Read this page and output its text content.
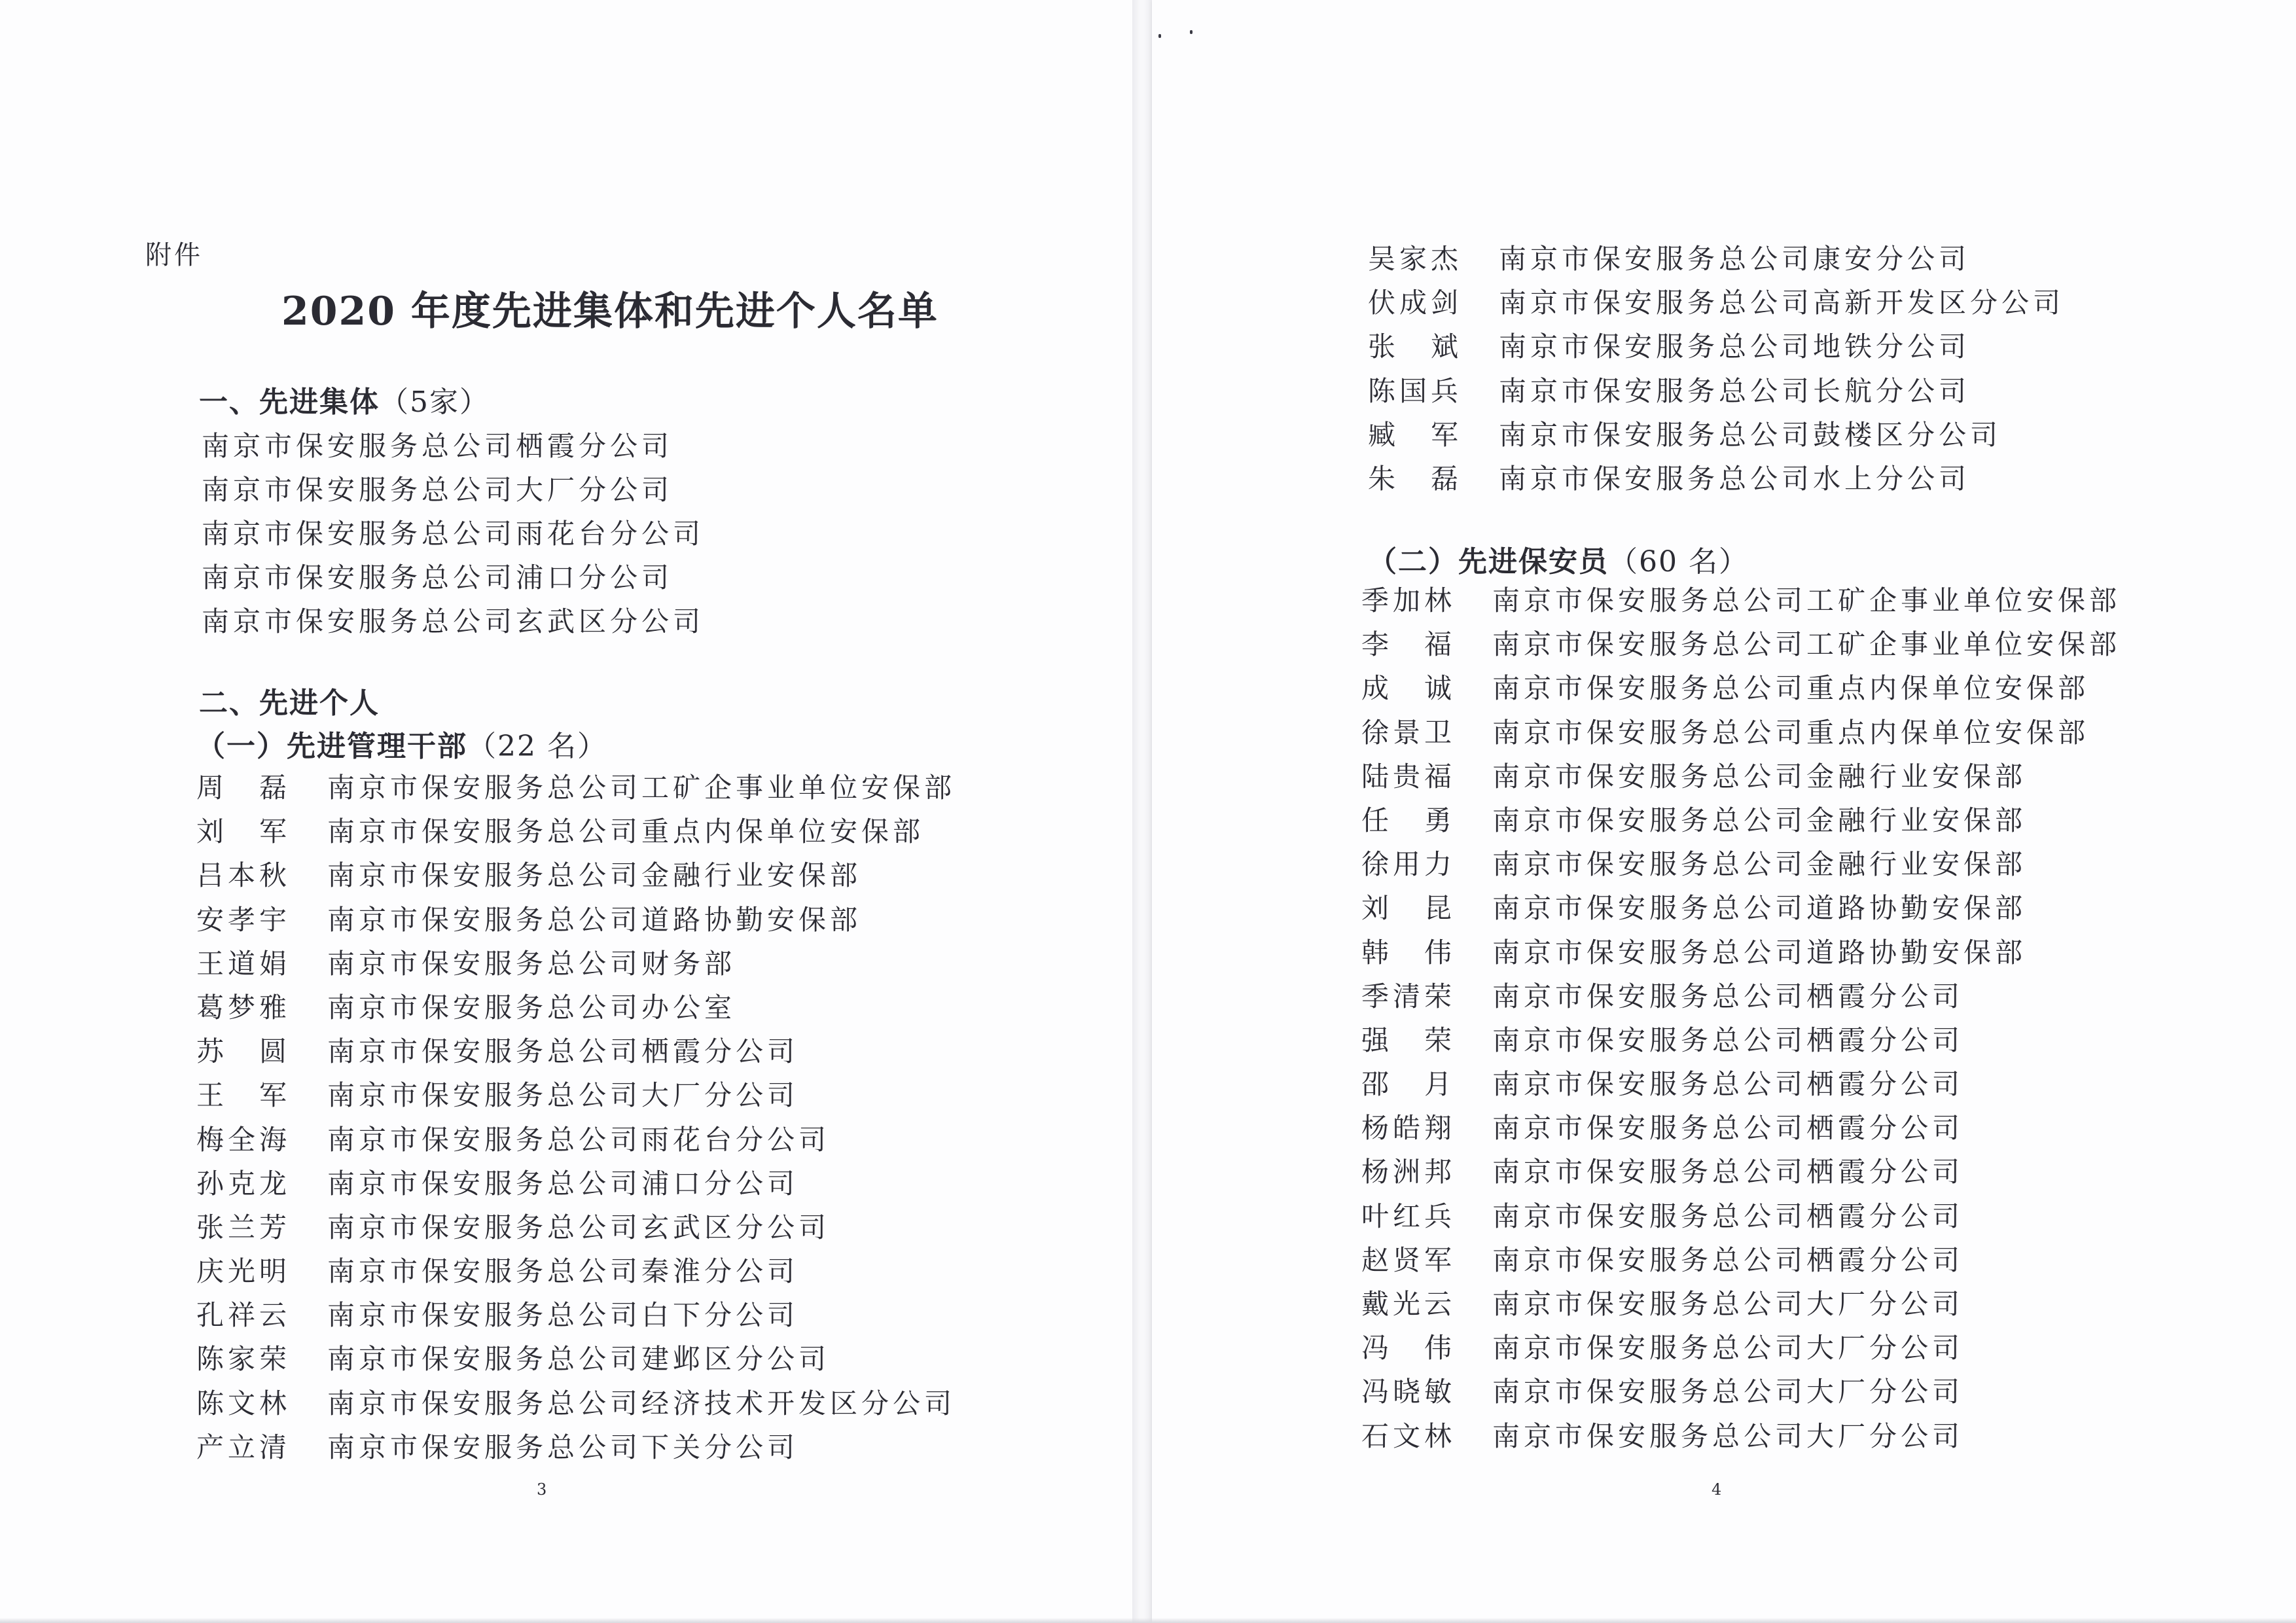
附件
2020 年度先进集体和先进个人名单
一、先进集体（5家）
南京市保安服务总公司栖霞分公司
南京市保安服务总公司大厂分公司
南京市保安服务总公司雨花台分公司
南京市保安服务总公司浦口分公司
南京市保安服务总公司玄武区分公司
二、先进个人
（一）先进管理干部（22 名）
周　磊 南京市保安服务总公司工矿企事业单位安保部
刘　军 南京市保安服务总公司重点内保单位安保部
吕本秋 南京市保安服务总公司金融行业安保部
安孝宇 南京市保安服务总公司道路协勤安保部
王道娟 南京市保安服务总公司财务部
葛梦雅 南京市保安服务总公司办公室
苏　圆 南京市保安服务总公司栖霞分公司
王　军 南京市保安服务总公司大厂分公司
梅全海 南京市保安服务总公司雨花台分公司
孙克龙 南京市保安服务总公司浦口分公司
张兰芳 南京市保安服务总公司玄武区分公司
庆光明 南京市保安服务总公司秦淮分公司
孔祥云 南京市保安服务总公司白下分公司
陈家荣 南京市保安服务总公司建邺区分公司
陈文林 南京市保安服务总公司经济技术开发区分公司
产立清 南京市保安服务总公司下关分公司
3
吴家杰 南京市保安服务总公司康安分公司
伏成剑 南京市保安服务总公司高新开发区分公司
张　斌 南京市保安服务总公司地铁分公司
陈国兵 南京市保安服务总公司长航分公司
臧　军 南京市保安服务总公司鼓楼区分公司
朱　磊 南京市保安服务总公司水上分公司
（二）先进保安员（60 名）
季加林 南京市保安服务总公司工矿企事业单位安保部
李　福 南京市保安服务总公司工矿企事业单位安保部
成　诚 南京市保安服务总公司重点内保单位安保部
徐景卫 南京市保安服务总公司重点内保单位安保部
陆贵福 南京市保安服务总公司金融行业安保部
任　勇 南京市保安服务总公司金融行业安保部
徐用力 南京市保安服务总公司金融行业安保部
刘　昆 南京市保安服务总公司道路协勤安保部
韩　伟 南京市保安服务总公司道路协勤安保部
季清荣 南京市保安服务总公司栖霞分公司
强　荣 南京市保安服务总公司栖霞分公司
邵　月 南京市保安服务总公司栖霞分公司
杨皓翔 南京市保安服务总公司栖霞分公司
杨洲邦 南京市保安服务总公司栖霞分公司
叶红兵 南京市保安服务总公司栖霞分公司
赵贤军 南京市保安服务总公司栖霞分公司
戴光云 南京市保安服务总公司大厂分公司
冯　伟 南京市保安服务总公司大厂分公司
冯晓敏 南京市保安服务总公司大厂分公司
石文林 南京市保安服务总公司大厂分公司
4
